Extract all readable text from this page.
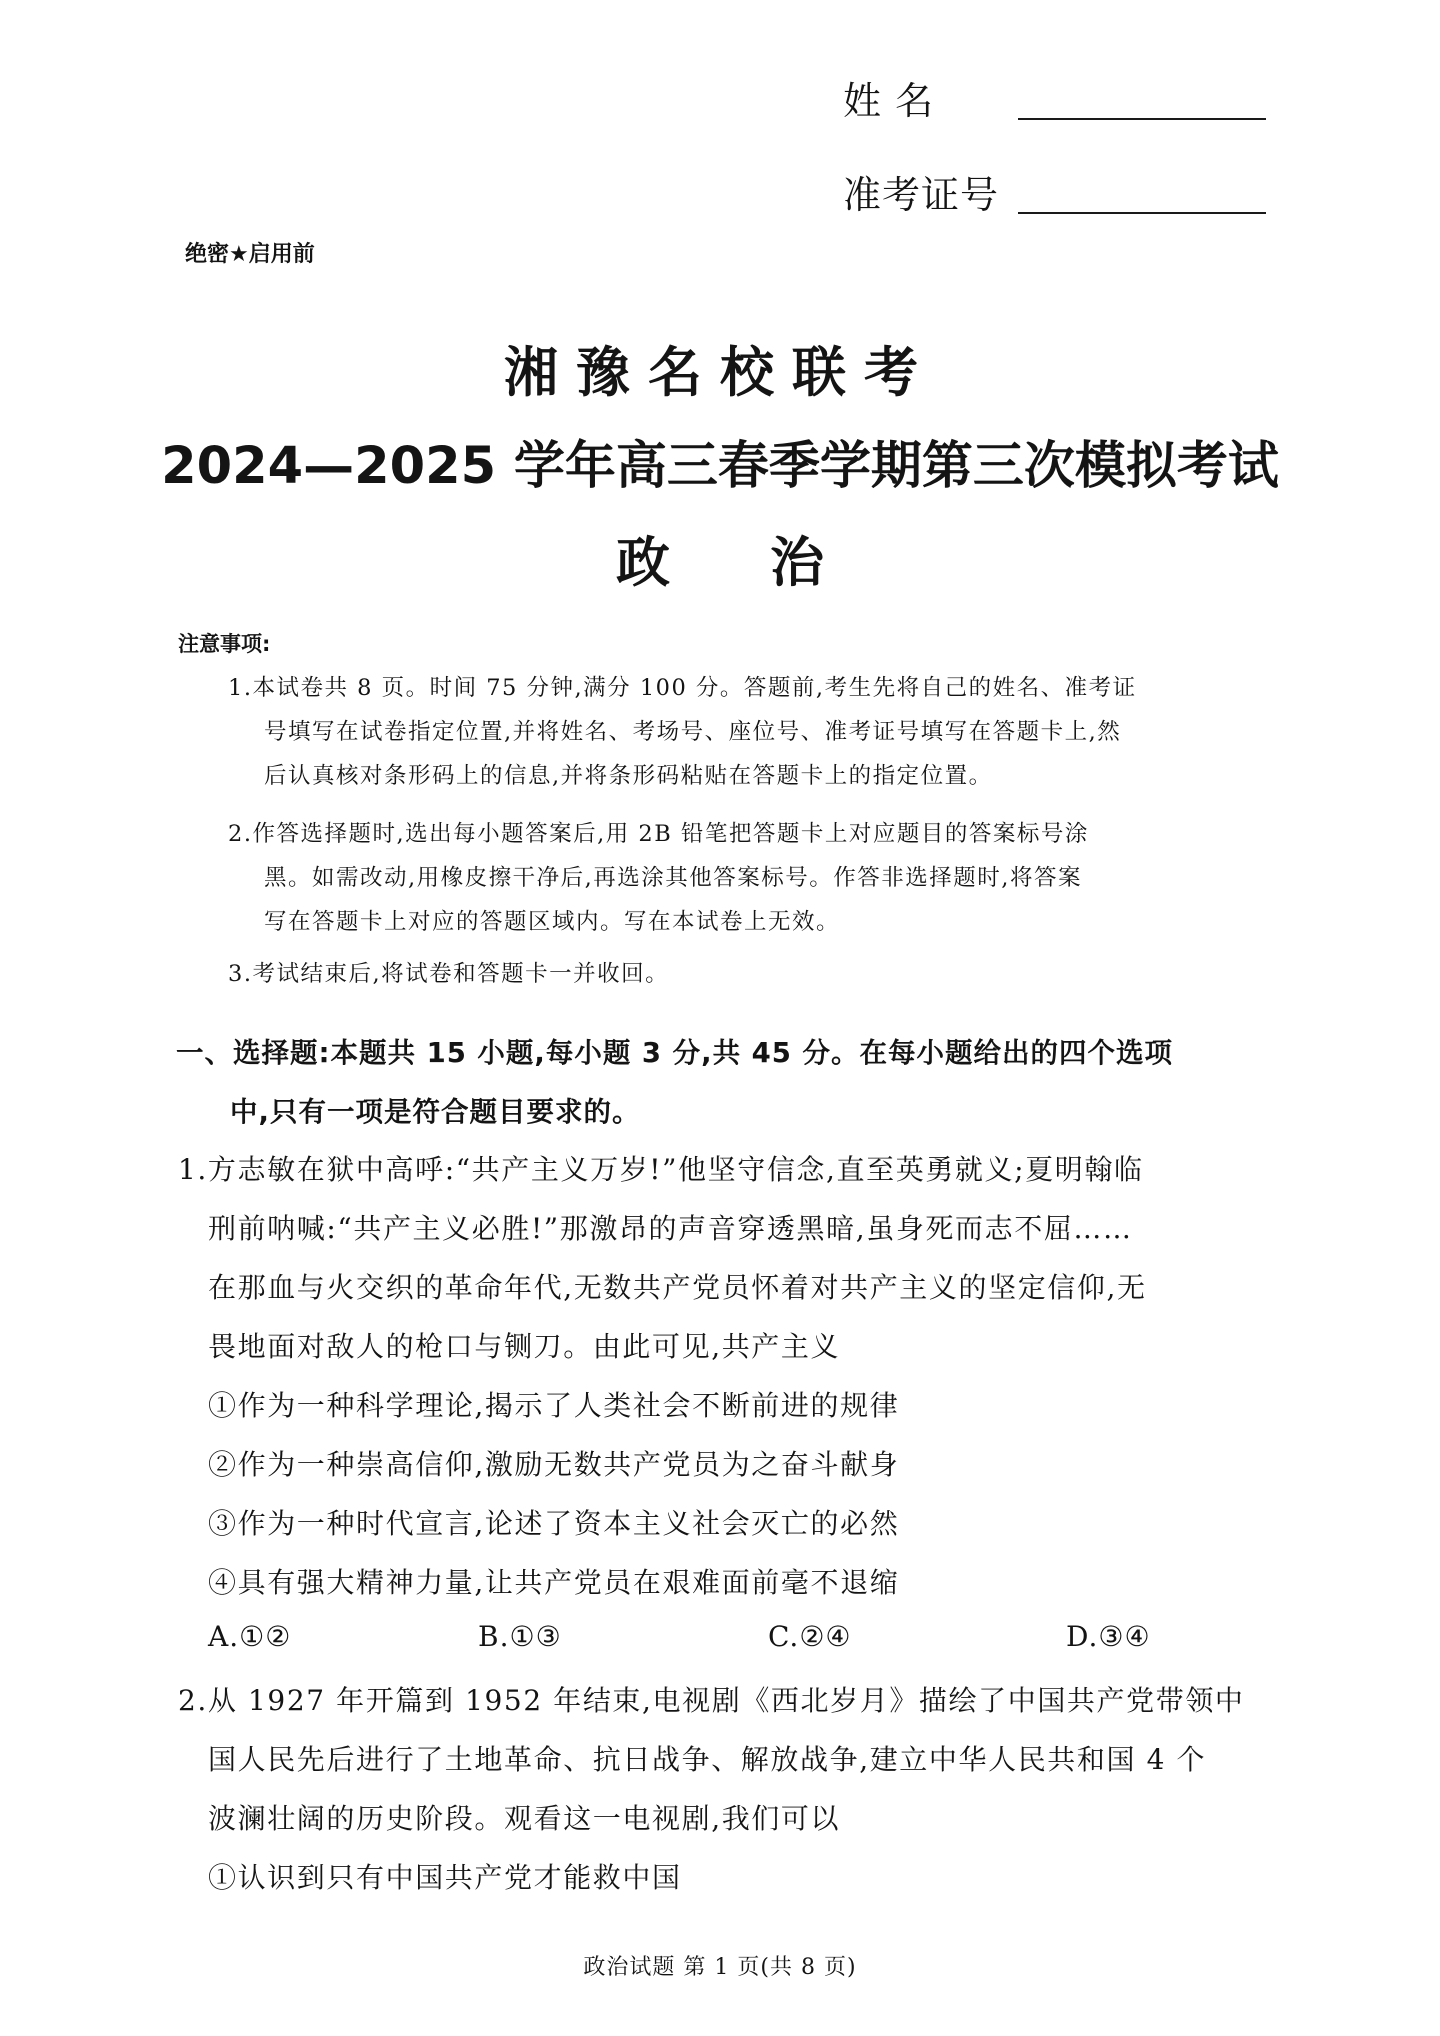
姓 名
准考证号
绝密★启用前
湘豫名校联考
2024—2025 学年高三春季学期第三次模拟考试
政治
注意事项:
1.本试卷共 8 页。时间 75 分钟,满分 100 分。答题前,考生先将自己的姓名、准考证
号填写在试卷指定位置,并将姓名、考场号、座位号、准考证号填写在答题卡上,然
后认真核对条形码上的信息,并将条形码粘贴在答题卡上的指定位置。
2.作答选择题时,选出每小题答案后,用 2B 铅笔把答题卡上对应题目的答案标号涂
黑。如需改动,用橡皮擦干净后,再选涂其他答案标号。作答非选择题时,将答案
写在答题卡上对应的答题区域内。写在本试卷上无效。
3.考试结束后,将试卷和答题卡一并收回。
一、选择题:本题共 15 小题,每小题 3 分,共 45 分。在每小题给出的四个选项
中,只有一项是符合题目要求的。
1.方志敏在狱中高呼:“共产主义万岁!”他坚守信念,直至英勇就义;夏明翰临
刑前呐喊:“共产主义必胜!”那激昂的声音穿透黑暗,虽身死而志不屈……
在那血与火交织的革命年代,无数共产党员怀着对共产主义的坚定信仰,无
畏地面对敌人的枪口与铡刀。由此可见,共产主义
①作为一种科学理论,揭示了人类社会不断前进的规律
②作为一种崇高信仰,激励无数共产党员为之奋斗献身
③作为一种时代宣言,论述了资本主义社会灭亡的必然
④具有强大精神力量,让共产党员在艰难面前毫不退缩
A.①②	B.①③	C.②④	D.③④
2.从 1927 年开篇到 1952 年结束,电视剧《西北岁月》描绘了中国共产党带领中
国人民先后进行了土地革命、抗日战争、解放战争,建立中华人民共和国 4 个
波澜壮阔的历史阶段。观看这一电视剧,我们可以
①认识到只有中国共产党才能救中国
政治试题 第 1 页(共 8 页)
